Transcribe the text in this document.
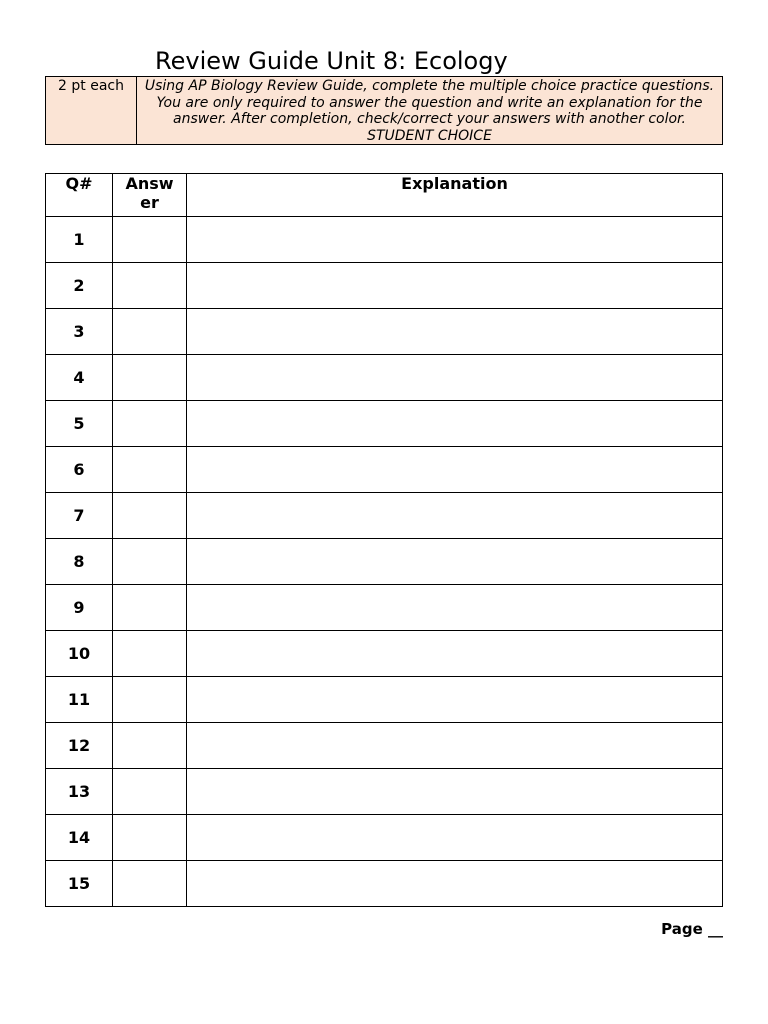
Review Guide Unit 8: Ecology
2 pt each	Using AP Biology Review Guide, complete the multiple choice practice questions.
You are only required to answer the question and write an explanation for the
answer. After completion, check/correct your answers with another color.
STUDENT CHOICE
Q#	Answer	Explanation
1		
2		
3		
4		
5		
6		
7		
8		
9		
10		
11		
12		
13		
14		
15		
Page __
